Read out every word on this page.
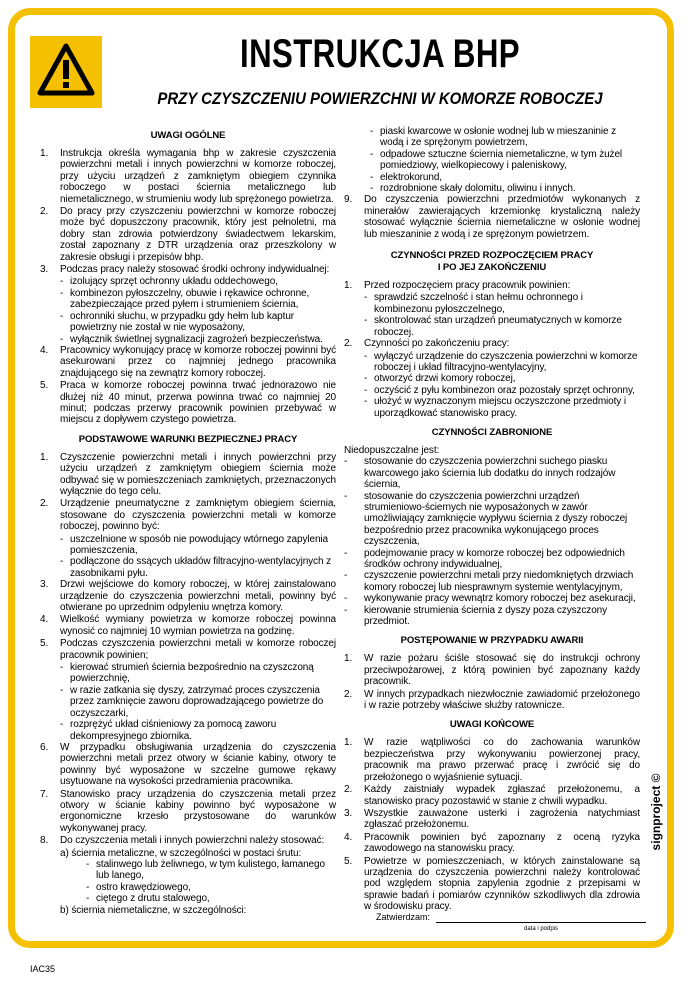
INSTRUKCJA BHP
PRZY CZYSZCZENIU POWIERZCHNI W KOMORZE ROBOCZEJ
UWAGI OGÓLNE
1.	Instrukcja określa wymagania bhp w zakresie czyszczenia powierzchni metali i innych powierzchni w komorze roboczej, przy użyciu urządzeń z zamkniętym obiegiem czynnika roboczego w postaci ściernia metalicznego lub niemetalicznego, w strumieniu wody lub sprężonego powietrza.
2.	Do pracy przy czyszczeniu powierzchni w komorze roboczej może być dopuszczony pracownik, który jest pełnoletni, ma dobry stan zdrowia potwierdzony świadectwem lekarskim, został zapoznany z DTR urządzenia oraz przeszkolony w zakresie obsługi i przepisów bhp.
3.	Podczas pracy należy stosować środki ochrony indywidualnej:
- izolujący sprzęt ochronny układu oddechowego,
- kombinezon pyłoszczelny, obuwie i rękawice ochronne, zabezpieczające przed pyłem i strumieniem ściernia,
- ochronniki słuchu, w przypadku gdy hełm lub kaptur powietrzny nie został w nie wyposażony,
- wyłącznik świetlnej sygnalizacji zagrożeń bezpieczeństwa.
4.	Pracownicy wykonujący pracę w komorze roboczej powinni być asekurowani przez co najmniej jednego pracownika znajdującego się na zewnątrz komory roboczej.
5.	Praca w komorze roboczej powinna trwać jednorazowo nie dłużej niż 40 minut, przerwa powinna trwać co najmniej 20 minut; podczas przerwy pracownik powinien przebywać w miejscu z dopływem czystego powietrza.
PODSTAWOWE WARUNKI BEZPIECZNEJ PRACY
1.	Czyszczenie powierzchni metali i innych powierzchni przy użyciu urządzeń z zamkniętym obiegiem ściernia może odbywać się w pomieszczeniach zamkniętych, przeznaczonych wyłącznie do tego celu.
2.	Urządzenie pneumatyczne z zamkniętym obiegiem ściernia, stosowane do czyszczenia powierzchni metali w komorze roboczej, powinno być:
- uszczelnione w sposób nie powodujący wtórnego zapylenia pomieszczenia,
- podłączone do ssących układów filtracyjno-wentylacyjnych z zasobnikami pyłu.
3.	Drzwi wejściowe do komory roboczej, w której zainstalowano urządzenie do czyszczenia powierzchni metali, powinny być otwierane po uprzednim odpyleniu wnętrza komory.
4.	Wielkość wymiany powietrza w komorze roboczej powinna wynosić co najmniej 10 wymian powietrza na godzinę.
5.	Podczas czyszczenia powierzchni metali w komorze roboczej pracownik powinien;
- kierować strumień ściernia bezpośrednio na czyszczoną powierzchnię,
- w razie zatkania się dyszy, zatrzymać proces czyszczenia przez zamknięcie zaworu doprowadzającego powietrze do oczyszczarki,
- rozprężyć układ ciśnieniowy za pomocą zaworu dekompresyjnego zbiornika.
6.	W przypadku obsługiwania urządzenia do czyszczenia powierzchni metali przez otwory w ścianie kabiny, otwory te powinny być wyposażone w szczelne gumowe rękawy usytuowane na wysokości przedramienia pracownika.
7.	Stanowisko pracy urządzenia do czyszczenia metali przez otwory w ścianie kabiny powinno być wyposażone w ergonomiczne krzesło przystosowane do warunków wykonywanej pracy.
8.	Do czyszczenia metali i innych powierzchni należy stosować:
a) ściernia metaliczne, w szczególności w postaci śrutu:
- stalinwego lub żeliwnego, w tym kulistego, łamanego lub lanego,
- ostro krawędziowego,
- ciętego z drutu stalowego,
b) ściernia niemetaliczne, w szczególności:
- piaski kwarcowe w osłonie wodnej lub w mieszaninie z wodą i ze sprężonym powietrzem,
- odpadowe sztuczne ściernia niemetaliczne, w tym żużel pomiedziowy, wielkopiecowy i paleniskowy,
- elektrokorund,
- rozdrobnione skały dolomitu, oliwinu i innych.
9.	Do czyszczenia powierzchni przedmiotów wykonanych z minerałów zawierających krzemionkę krystaliczną należy stosować wyłącznie ściernia niemetaliczne w osłonie wodnej lub mieszaninie z wodą i ze sprężonym powietrzem.
CZYNNOŚCI PRZED ROZPOCZĘCIEM PRACY
I PO JEJ ZAKOŃCZENIU
1.	Przed rozpoczęciem pracy pracownik powinien:
- sprawdzić szczelność i stan hełmu ochronnego i kombinezonu pyłoszczelnego,
- skontrolować stan urządzeń pneumatycznych w komorze roboczej.
2.	Czynności po zakończeniu pracy:
- wyłączyć urządzenie do czyszczenia powierzchni w komorze roboczej i układ filtracyjno-wentylacyjny,
- otworzyć drzwi komory roboczej,
- oczyścić z pyłu kombinezon oraz pozostały sprzęt ochronny,
- ułożyć w wyznaczonym miejscu oczyszczone przedmioty i uporządkować stanowisko pracy.
CZYNNOŚCI ZABRONIONE
Niedopuszczalne jest:
-	stosowanie do czyszczenia powierzchni suchego piasku kwarcowego jako ściernia lub dodatku do innych rodzajów ściernia,
-	stosowanie do czyszczenia powierzchni urządzeń strumieniowo-ściernych nie wyposażonych w zawór umożliwiający zamknięcie wypływu ściernia z dyszy roboczej bezpośrednio przez pracownika wykonującego proces czyszczenia,
-	podejmowanie pracy w komorze roboczej bez odpowiednich środków ochrony indywidualnej,
-	czyszczenie powierzchni metali przy niedomkniętych drzwiach komory roboczej lub niesprawnym systemie wentylacyjnym,
-	wykonywanie pracy wewnątrz komory roboczej bez asekuracji,
-	kierowanie strumienia ściernia z dyszy poza czyszczony przedmiot.
POSTĘPOWANIE W PRZYPADKU AWARII
1.	W razie pożaru ściśle stosować się do instrukcji ochrony przeciwpożarowej, z którą powinien być zapoznany każdy pracownik.
2.	W innych przypadkach niezwłocznie zawiadomić przełożonego i w razie potrzeby właściwe służby ratownicze.
UWAGI KOŃCOWE
1.	W razie wątpliwości co do zachowania warunków bezpieczeństwa przy wykonywaniu powierzonej pracy, pracownik ma prawo przerwać pracę i zwrócić się do przełożonego o wyjaśnienie sytuacji.
2.	Każdy zaistniały wypadek zgłaszać przełożonemu, a stanowisko pracy pozostawić w stanie z chwili wypadku.
3.	Wszystkie zauważone usterki i zagrożenia natychmiast zgłaszać przełożonemu.
4.	Pracownik powinien być zapoznany z oceną ryzyka zawodowego na stanowisku pracy.
5.	Powietrze w pomieszczeniach, w których zainstalowane są urządzenia do czyszczenia powierzchni należy kontrolować pod względem stopnia zapylenia zgodnie z przepisami w sprawie badań i pomiarów czynników szkodliwych dla zdrowia w środowisku pracy.
Zatwierdzam:
data i podpis
signproject ©
IAC35
